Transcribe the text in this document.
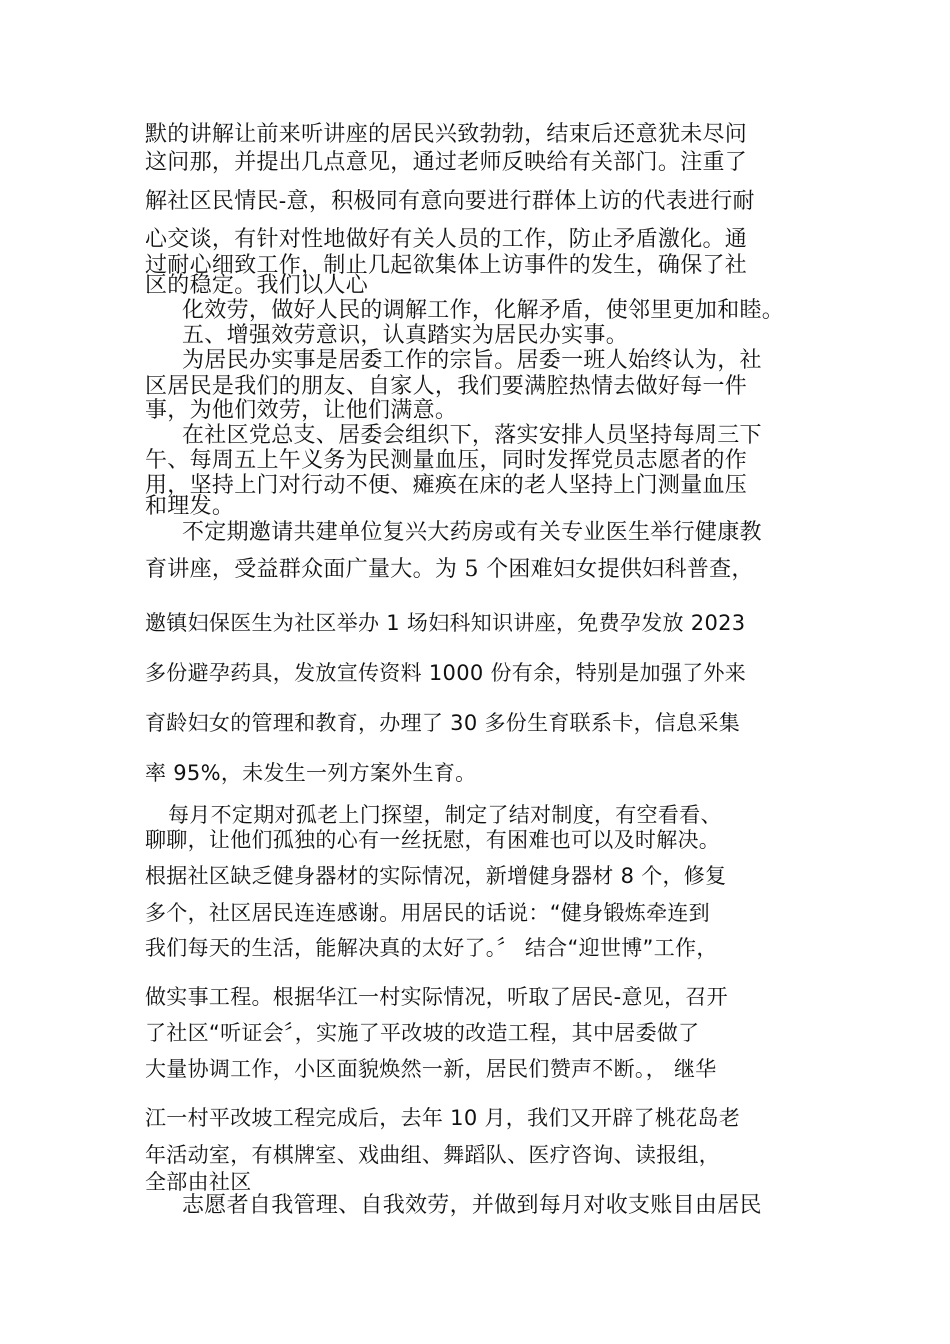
默的讲解让前来听讲座的居民兴致勃勃，结束后还意犹未尽问

这问那，并提出几点意见，通过老师反映给有关部门。注重了

解社区民情民-意，积极同有意向要进行群体上访的代表进行耐

心交谈，有针对性地做好有关人员的工作，防止矛盾激化。通

过耐心细致工作，制止几起欲集体上访事件的发生，确保了社

区的稳定。我们以人心

化效劳，做好人民的调解工作，化解矛盾，使邻里更加和睦。

五、增强效劳意识，认真踏实为居民办实事。

为居民办实事是居委工作的宗旨。居委一班人始终认为，社

区居民是我们的朋友、自家人，我们要满腔热情去做好每一件

事，为他们效劳，让他们满意。

在社区党总支、居委会组织下，落实安排人员坚持每周三下

午、每周五上午义务为民测量血压，同时发挥党员志愿者的作

用，坚持上门对行动不便、瘫痪在床的老人坚持上门测量血压

和理发。

不定期邀请共建单位复兴大药房或有关专业医生举行健康教

育讲座，受益群众面广量大。为 5 个困难妇女提供妇科普查，

邀镇妇保医生为社区举办 1 场妇科知识讲座，免费孕发放 2023

多份避孕药具，发放宣传资料 1000 份有余，特别是加强了外来

育龄妇女的管理和教育，办理了 30 多份生育联系卡，信息采集

率 95%，未发生一列方案外生育。

每月不定期对孤老上门探望，制定了结对制度，有空看看、

聊聊，让他们孤独的心有一丝抚慰，有困难也可以及时解决。

根据社区缺乏健身器材的实际情况，新增健身器材 8 个，修复

多个，社区居民连连感谢。用居民的话说：“健身锻炼牵连到

我们每天的生活，能解决真的太好了。〞 结合“迎世博”工作，

做实事工程。根据华江一村实际情况，听取了居民-意见，召开

了社区“听证会〞，实施了平改坡的改造工程，其中居委做了

大量协调工作，小区面貌焕然一新，居民们赞声不断。， 继华

江一村平改坡工程完成后，去年 10 月，我们又开辟了桃花岛老

年活动室，有棋牌室、戏曲组、舞蹈队、医疗咨询、读报组，

全部由社区

志愿者自我管理、自我效劳，并做到每月对收支账目由居民
